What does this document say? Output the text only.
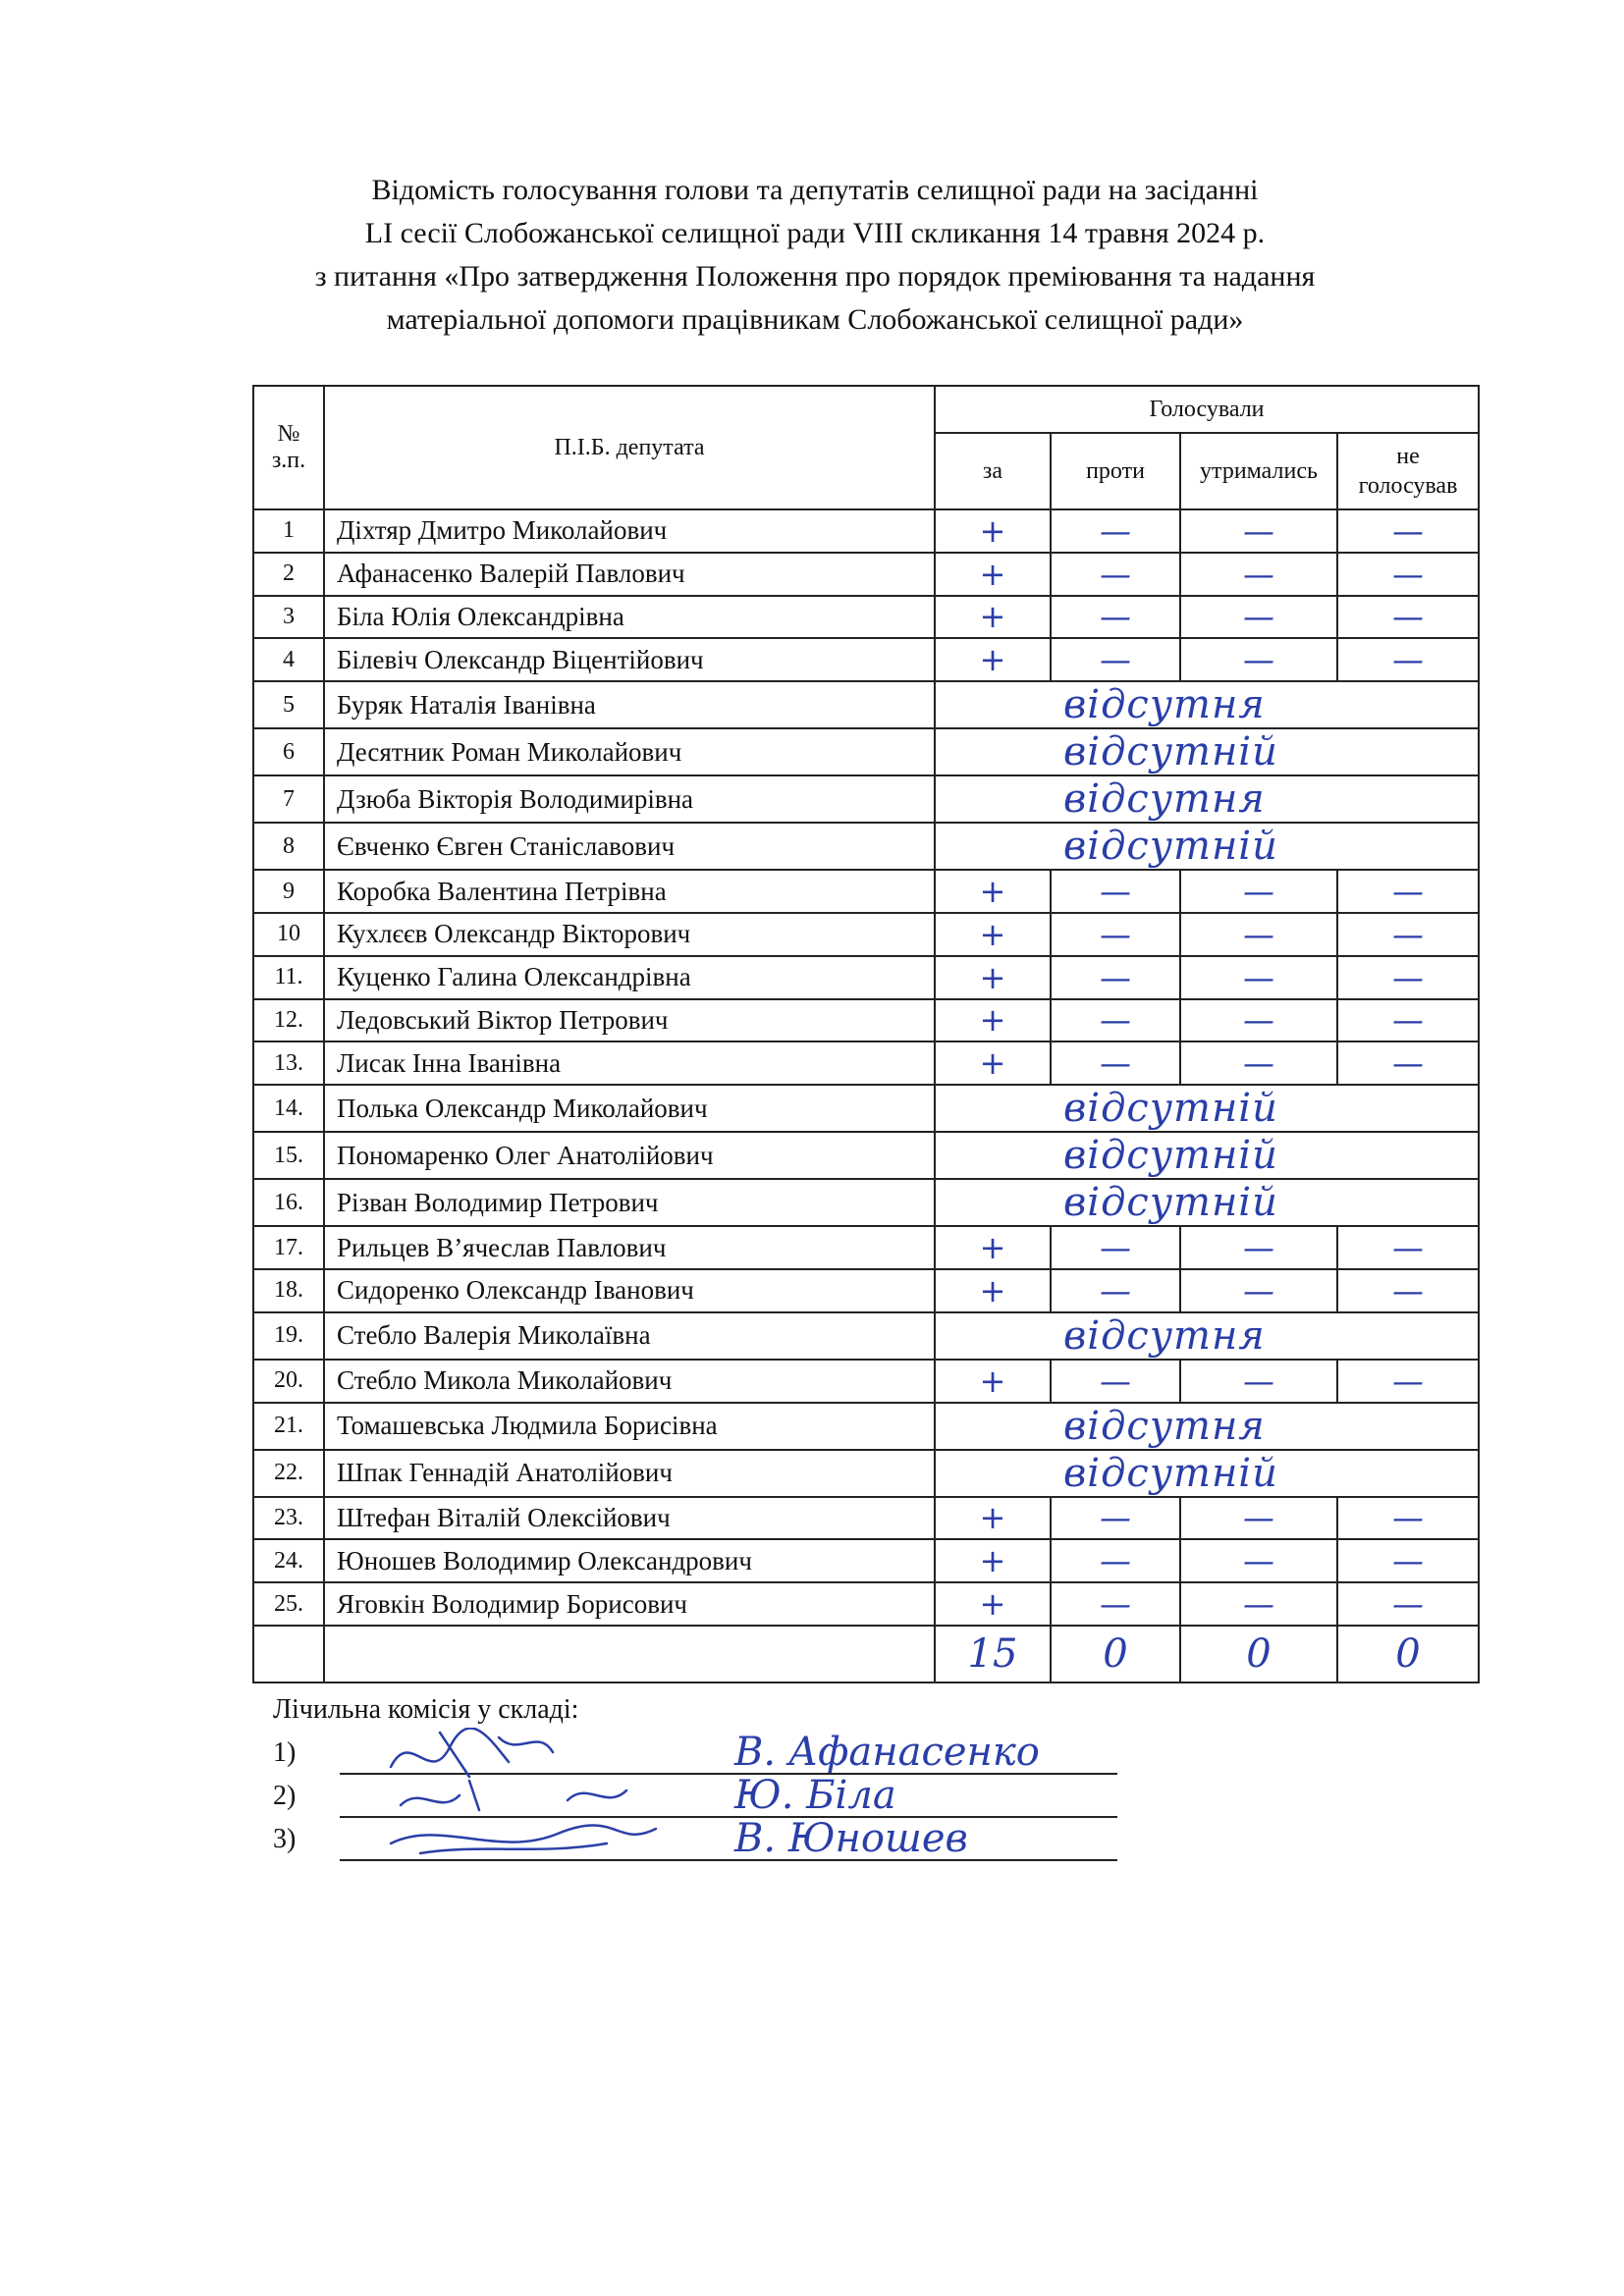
Відомість голосування голови та депутатів селищної ради на засіданні
LI сесії Слобожанської селищної ради VIII скликання 14 травня 2024 р.
з питання «Про затвердження Положення про порядок преміювання та надання
матеріальної допомоги працівникам Слобожанської селищної ради»
№
з.п.	П.І.Б. депутата	Голосували			
		за	проти	утримались	не
голосував

1	Діхтяр Дмитро Миколайович	+	—	—	—
2	Афанасенко Валерій Павлович	+	—	—	—
3	Біла Юлія Олександрівна	+	—	—	—
4	Білевіч Олександр Віцентійович	+	—	—	—
5	Буряк Наталія Іванівна	відсутня			
6	Десятник Роман Миколайович	відсутній			
7	Дзюба Вікторія Володимирівна	відсутня			
8	Євченко Євген Станіславович	відсутній			
9	Коробка Валентина Петрівна	+	—	—	—
10	Кухлєєв Олександр Вікторович	+	—	—	—
11.	Куценко Галина Олександрівна	+	—	—	—
12.	Ледовський Віктор Петрович	+	—	—	—
13.	Лисак Інна Іванівна	+	—	—	—
14.	Полька Олександр Миколайович	відсутній			
15.	Пономаренко Олег Анатолійович	відсутній			
16.	Різван Володимир Петрович	відсутній			
17.	Рильцев В’ячеслав Павлович	+	—	—	—
18.	Сидоренко Олександр Іванович	+	—	—	—
19.	Стебло Валерія Миколаївна	відсутня			
20.	Стебло Микола Миколайович	+	—	—	—
21.	Томашевська Людмила Борисівна	відсутня			
22.	Шпак Геннадій Анатолійович	відсутній			
23.	Штефан Віталій Олексійович	+	—	—	—
24.	Юношев Володимир Олександрович	+	—	—	—
25.	Яговкін Володимир Борисович	+	—	—	—
		15	0	0	0
Лічильна комісія у складі:
1)	В. Афанасенко
2)	Ю. Біла
3)	В. Юношев
